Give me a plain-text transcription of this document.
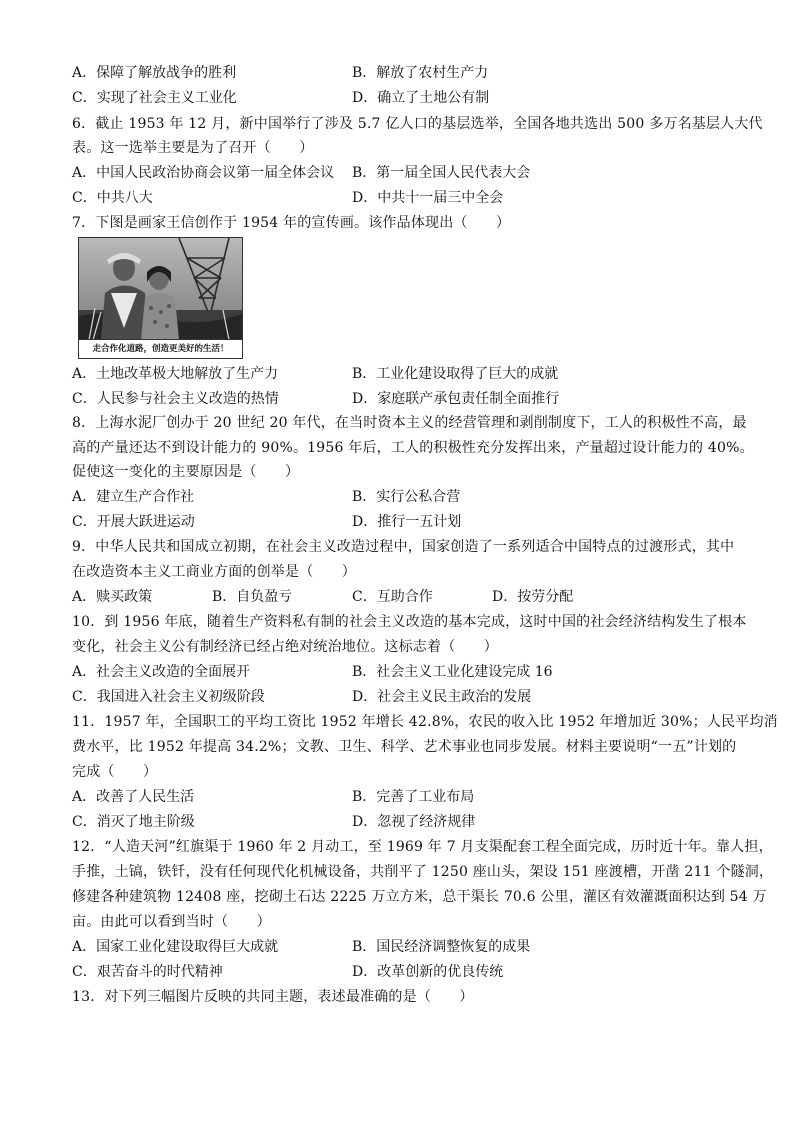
A．保障了解放战争的胜利	B．解放了农村生产力
C．实现了社会主义工业化	D．确立了土地公有制
6．截止 1953 年 12 月，新中国举行了涉及 5.7 亿人口的基层选举，全国各地共选出 500 多万名基层人大代
表。这一选举主要是为了召开（　　）
A．中国人民政治协商会议第一届全体会议 B．第一届全国人民代表大会
C．中共八大	D．中共十一届三中全会
7．下图是画家王信创作于 1954 年的宣传画。该作品体现出（　　）
走合作化道路，创造更美好的生活！
A．土地改革极大地解放了生产力	B．工业化建设取得了巨大的成就
C．人民参与社会主义改造的热情	D．家庭联产承包责任制全面推行
8．上海水泥厂创办于 20 世纪 20 年代，在当时资本主义的经营管理和剥削制度下，工人的积极性不高，最
高的产量还达不到设计能力的 90%。1956 年后，工人的积极性充分发挥出来，产量超过设计能力的 40%。
促使这一变化的主要原因是（　　）
A．建立生产合作社	B．实行公私合营
C．开展大跃进运动	D．推行一五计划
9．中华人民共和国成立初期，在社会主义改造过程中，国家创造了一系列适合中国特点的过渡形式，其中
在改造资本主义工商业方面的创举是（　　）
A．赎买政策	B．自负盈亏	C．互助合作	D．按劳分配
10．到 1956 年底，随着生产资料私有制的社会主义改造的基本完成，这时中国的社会经济结构发生了根本
变化，社会主义公有制经济已经占绝对统治地位。这标志着（　　）
A．社会主义改造的全面展开	B．社会主义工业化建设完成 16
C．我国进入社会主义初级阶段	D．社会主义民主政治的发展
11．1957 年，全国职工的平均工资比 1952 年增长 42.8%，农民的收入比 1952 年增加近 30%；人民平均消
费水平，比 1952 年提高 34.2%；文教、卫生、科学、艺术事业也同步发展。材料主要说明“一五”计划的
完成（　　）
A．改善了人民生活	B．完善了工业布局
C．消灭了地主阶级	D．忽视了经济规律
12．“人造天河”红旗渠于 1960 年 2 月动工，至 1969 年 7 月支渠配套工程全面完成，历时近十年。靠人担，
手推，土镐，铁钎，没有任何现代化机械设备，共削平了 1250 座山头，架设 151 座渡槽，开凿 211 个隧洞，
修建各种建筑物 12408 座，挖砌土石达 2225 万立方米，总干渠长 70.6 公里，灌区有效灌溉面积达到 54 万
亩。由此可以看到当时（　　）
A．国家工业化建设取得巨大成就	B．国民经济调整恢复的成果
C．艰苦奋斗的时代精神	D．改革创新的优良传统
13．对下列三幅图片反映的共同主题，表述最准确的是（　　）
